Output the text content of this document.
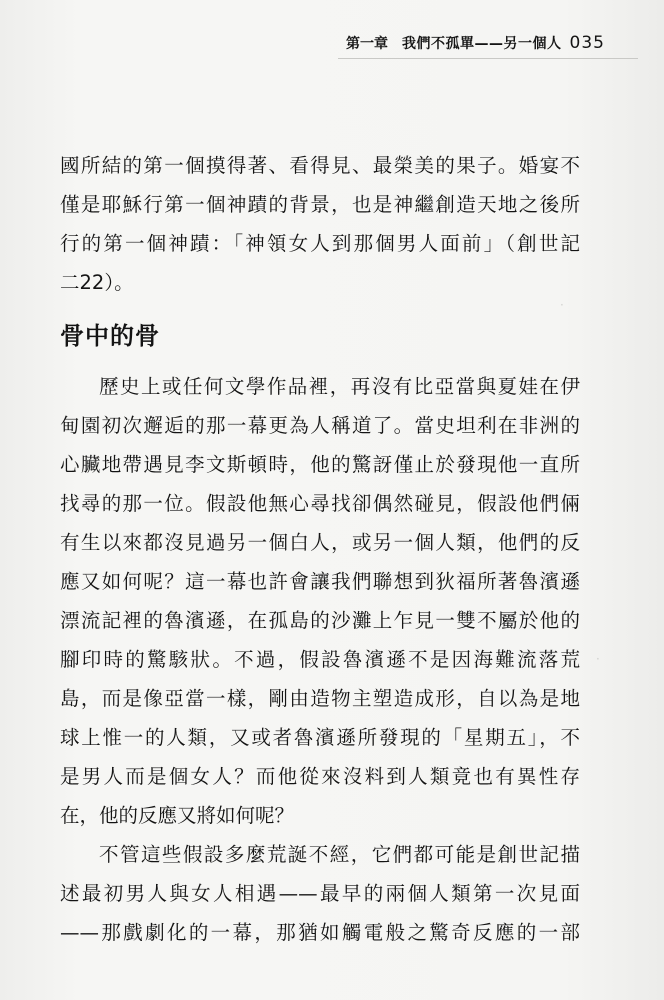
第一章 我們不孤單——另一個人 035
·
·
國所結的第一個摸得著、看得見、最榮美的果子。婚宴不
僅是耶穌行第一個神蹟的背景，也是神繼創造天地之後所
行的第一個神蹟：「神領女人到那個男人面前」（創世記
二22）。
骨中的骨
歷史上或任何文學作品裡，再沒有比亞當與夏娃在伊
甸園初次邂逅的那一幕更為人稱道了。當史坦利在非洲的
心臟地帶遇見李文斯頓時，他的驚訝僅止於發現他一直所
找尋的那一位。假設他無心尋找卻偶然碰見，假設他們倆
有生以來都沒見過另一個白人，或另一個人類，他們的反
應又如何呢？這一幕也許會讓我們聯想到狄福所著魯濱遜
漂流記裡的魯濱遜，在孤島的沙灘上乍見一雙不屬於他的
腳印時的驚駭狀。不過，假設魯濱遜不是因海難流落荒
島，而是像亞當一樣，剛由造物主塑造成形，自以為是地
球上惟一的人類，又或者魯濱遜所發現的「星期五」，不
是男人而是個女人？而他從來沒料到人類竟也有異性存
在，他的反應又將如何呢？
不管這些假設多麼荒誕不經，它們都可能是創世記描
述最初男人與女人相遇——最早的兩個人類第一次見面
——那戲劇化的一幕，那猶如觸電般之驚奇反應的一部
